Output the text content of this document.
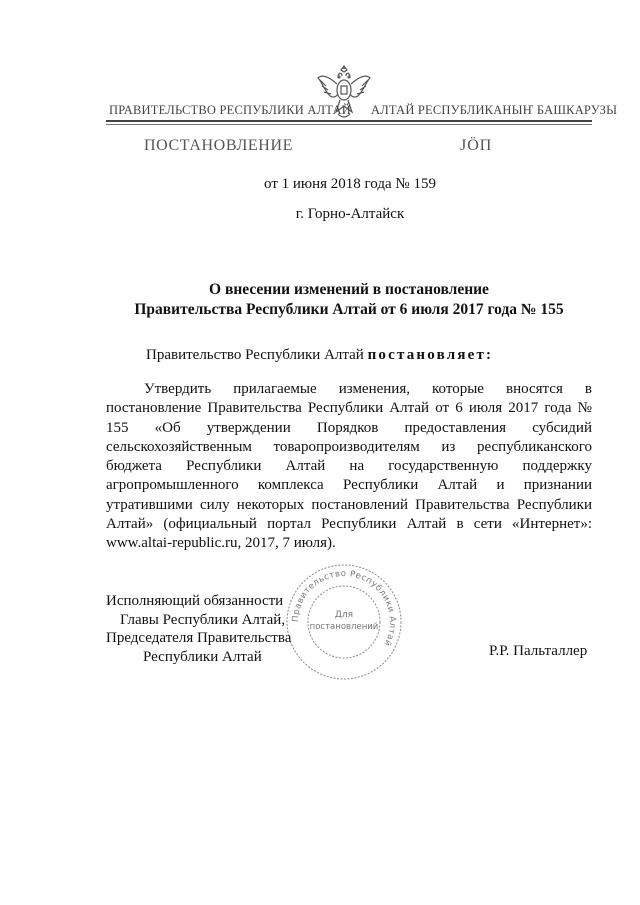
ПРАВИТЕЛЬСТВО РЕСПУБЛИКИ АЛТАЙ АЛТАЙ РЕСПУБЛИКАНЫҤ БАШКАРУЗЫ
ПОСТАНОВЛЕНИЕ	ЈӦП
от 1 июня 2018 года № 159
г. Горно-Алтайск
О внесении изменений в постановление
Правительства Республики Алтай от 6 июля 2017 года № 155
Правительство Республики Алтай постановляет:

Утвердить прилагаемые изменения, которые вносятся в постановление Правительства Республики Алтай от 6 июля 2017 года № 155 «Об утверждении Порядков предоставления субсидий сельскохозяйственным товаропроизводителям из республиканского бюджета Республики Алтай на государственную поддержку агропромышленного комплекса Республики Алтай и признании утратившими силу некоторых постановлений Правительства Республики Алтай» (официальный портал Республики Алтай в сети «Интернет»: www.altai-republic.ru, 2017, 7 июля).

Правительство Республики Алтай
Для
постановлений
Исполняющий обязанности
Главы Республики Алтай,
Председателя Правительства
Республики Алтай	Р.Р. Пальталлер
